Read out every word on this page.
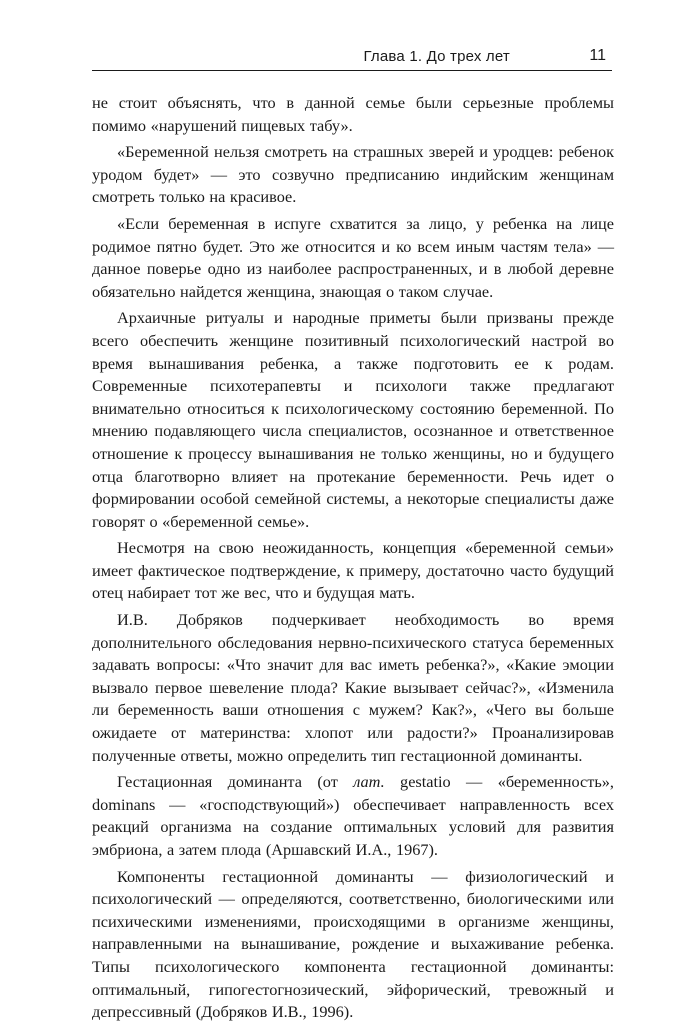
Глава 1. До трех лет	11

не стоит объяснять, что в данной семье были серьезные проблемы помимо «нарушений пищевых табу».

«Беременной нельзя смотреть на страшных зверей и уродцев: ребенок уродом будет» — это созвучно предписанию индийским женщинам смотреть только на красивое.

«Если беременная в испуге схватится за лицо, у ребенка на лице родимое пятно будет. Это же относится и ко всем иным частям тела» — данное поверье одно из наиболее распространенных, и в любой деревне обязательно найдется женщина, знающая о таком случае.

Архаичные ритуалы и народные приметы были призваны прежде всего обеспечить женщине позитивный психологический настрой во время вынашивания ребенка, а также подготовить ее к родам. Современные психотерапевты и психологи также предлагают внимательно относиться к психологическому состоянию беременной. По мнению подавляющего числа специалистов, осознанное и ответственное отношение к процессу вынашивания не только женщины, но и будущего отца благотворно влияет на протекание беременности. Речь идет о формировании особой семейной системы, а некоторые специалисты даже говорят о «беременной семье».

Несмотря на свою неожиданность, концепция «беременной семьи» имеет фактическое подтверждение, к примеру, достаточно часто будущий отец набирает тот же вес, что и будущая мать.

И.В. Добряков подчеркивает необходимость во время дополнительного обследования нервно-психического статуса беременных задавать вопросы: «Что значит для вас иметь ребенка?», «Какие эмоции вызвало первое шевеление плода? Какие вызывает сейчас?», «Изменила ли беременность ваши отношения с мужем? Как?», «Чего вы больше ожидаете от материнства: хлопот или радости?» Проанализировав полученные ответы, можно определить тип гестационной доминанты.

Гестационная доминанта (от лат. gestatio — «беременность», dominans — «господствующий») обеспечивает направленность всех реакций организма на создание оптимальных условий для развития эмбриона, а затем плода (Аршавский И.А., 1967).

Компоненты гестационной доминанты — физиологический и психологический — определяются, соответственно, биологическими или психическими изменениями, происходящими в организме женщины, направленными на вынашивание, рождение и выхаживание ребенка. Типы психологического компонента гестационной доминанты: оптимальный, гипогестогнозический, эйфорический, тревожный и депрессивный (Добряков И.В., 1996).
